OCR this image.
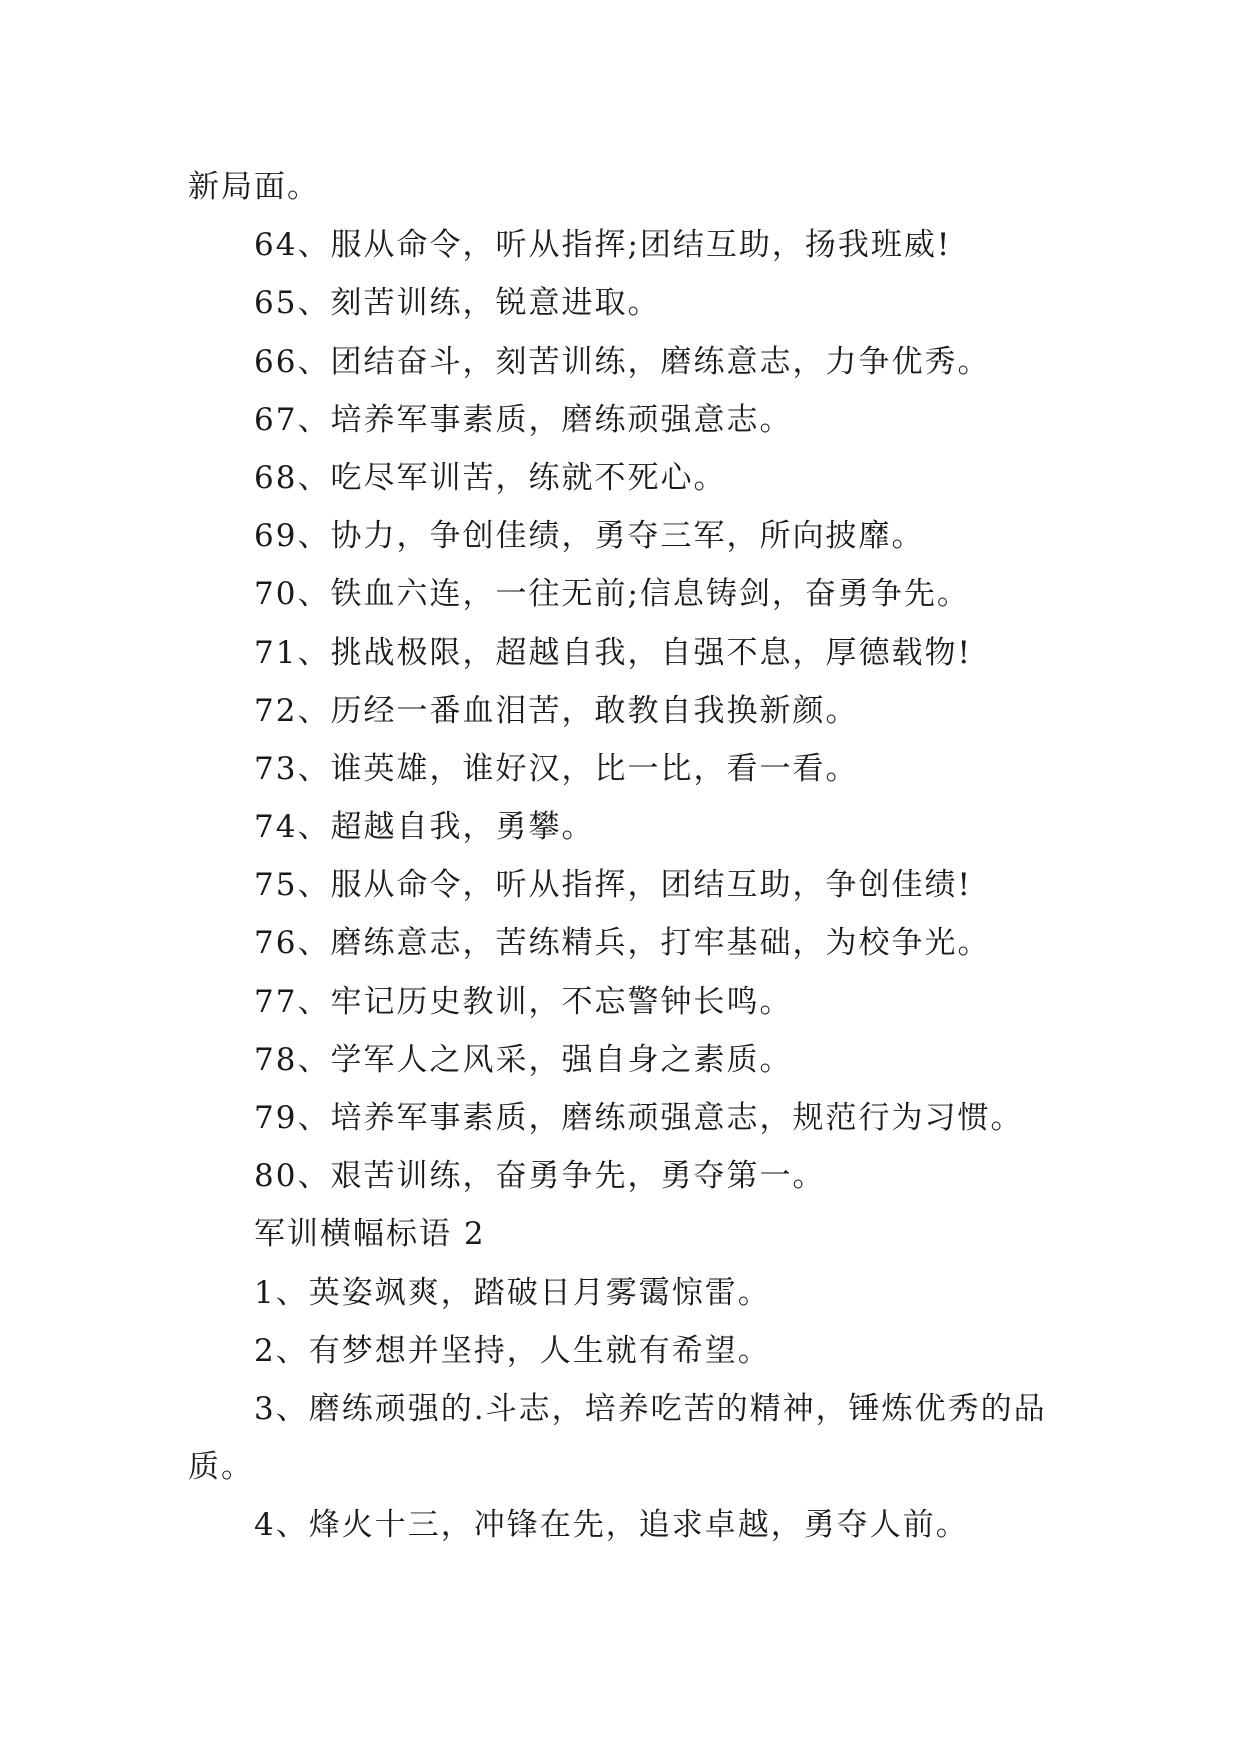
新局面。
64、服从命令，听从指挥;团结互助，扬我班威!
65、刻苦训练，锐意进取。
66、团结奋斗，刻苦训练，磨练意志，力争优秀。
67、培养军事素质，磨练顽强意志。
68、吃尽军训苦，练就不死心。
69、协力，争创佳绩，勇夺三军，所向披靡。
70、铁血六连，一往无前;信息铸剑，奋勇争先。
71、挑战极限，超越自我，自强不息，厚德载物!
72、历经一番血泪苦，敢教自我换新颜。
73、谁英雄，谁好汉，比一比，看一看。
74、超越自我，勇攀。
75、服从命令，听从指挥，团结互助，争创佳绩!
76、磨练意志，苦练精兵，打牢基础，为校争光。
77、牢记历史教训，不忘警钟长鸣。
78、学军人之风采，强自身之素质。
79、培养军事素质，磨练顽强意志，规范行为习惯。
80、艰苦训练，奋勇争先，勇夺第一。
军训横幅标语 2
1、英姿飒爽，踏破日月雾霭惊雷。
2、有梦想并坚持，人生就有希望。
3、磨练顽强的.斗志，培养吃苦的精神，锤炼优秀的品
质。
4、烽火十三，冲锋在先，追求卓越，勇夺人前。
